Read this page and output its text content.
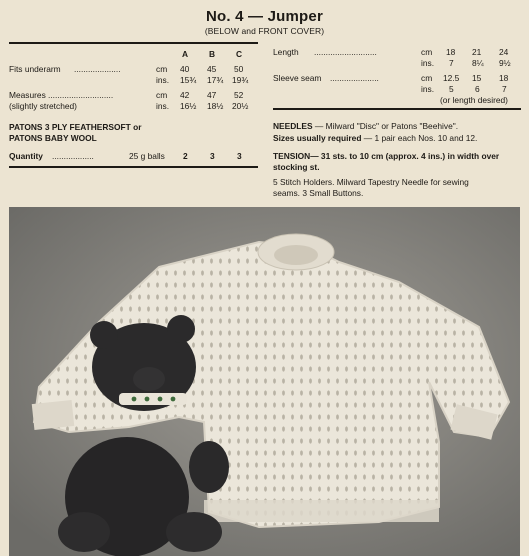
No. 4 — Jumper
(BELOW and FRONT COVER)
A B C
Fits underarm ....................	cm 40 45 50
ins. 15¾ 17¾ 19¾
Measures ............................	cm 42 47 52
(slightly stretched)	ins. 16½ 18½ 20½
PATONS 3 PLY FEATHERSOFT or
PATONS BABY WOOL
Quantity ..................	25 g balls 2	3	3
Length ...........................	cm 18 21 24
ins. 7 8¼ 9½
Sleeve seam .....................	cm 12.5 15 18
ins. 5	6	7
(or length desired)
NEEDLES — Milward "Disc" or Patons "Beehive".
Sizes usually required — 1 pair each Nos. 10 and 12.
TENSION— 31 sts. to 10 cm (approx. 4 ins.) in width over
stocking st.
5 Stitch Holders. Milward Tapestry Needle for sewing
seams. 3 Small Buttons.
